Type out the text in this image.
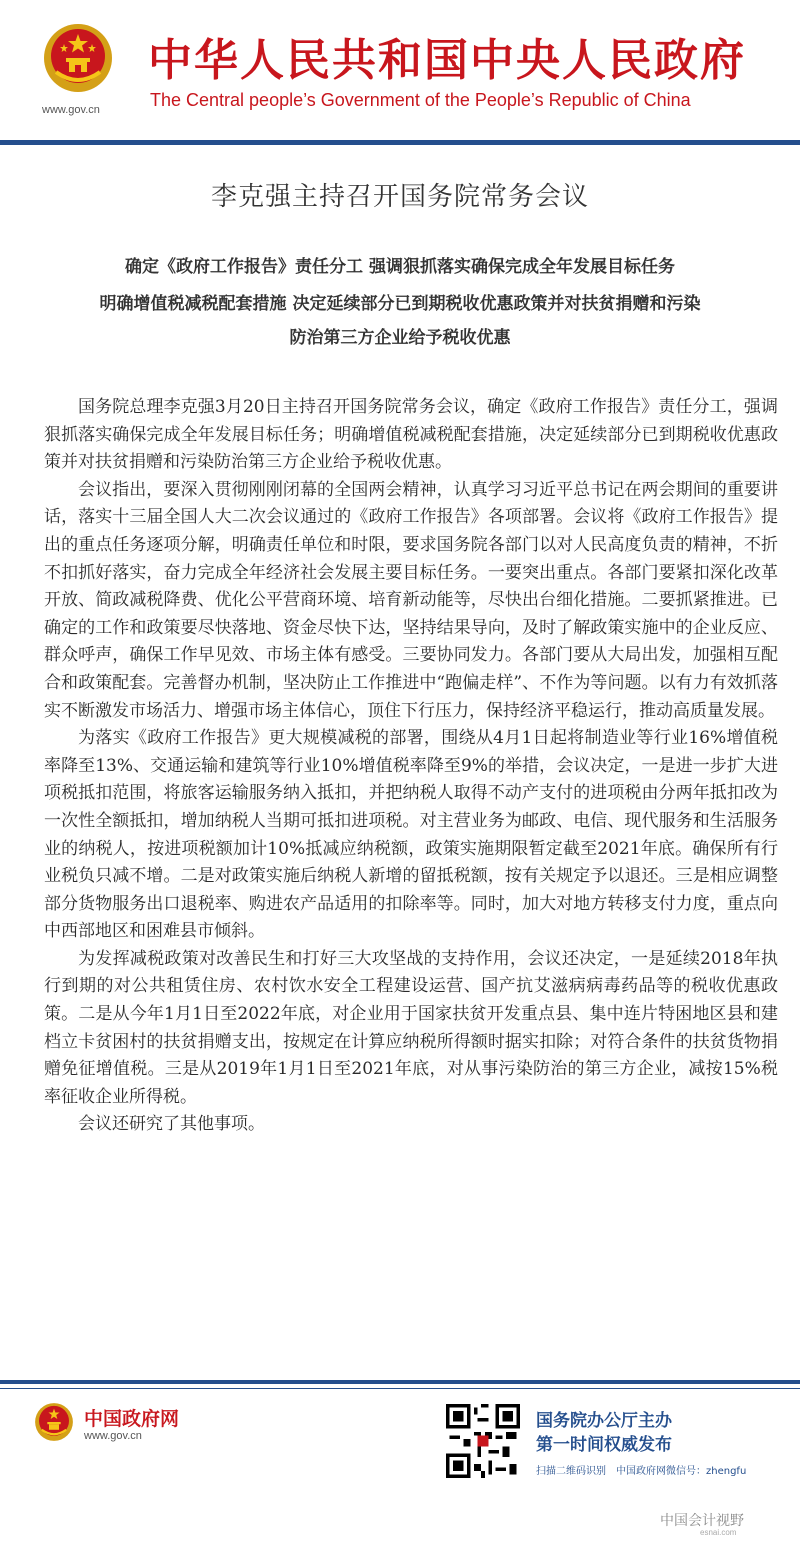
www.gov.cn
中华人民共和国中央人民政府
The Central people’s Government of the People’s Republic of China
李克强主持召开国务院常务会议
确定《政府工作报告》责任分工 强调狠抓落实确保完成全年发展目标任务
明确增值税减税配套措施 决定延续部分已到期税收优惠政策并对扶贫捐赠和污染
防治第三方企业给予税收优惠

国务院总理李克强3月20日主持召开国务院常务会议，确定《政府工作报告》责任分工，强调狠抓落实确保完成全年发展目标任务；明确增值税减税配套措施，决定延续部分已到期税收优惠政策并对扶贫捐赠和污染防治第三方企业给予税收优惠。

会议指出，要深入贯彻刚刚闭幕的全国两会精神，认真学习习近平总书记在两会期间的重要讲话，落实十三届全国人大二次会议通过的《政府工作报告》各项部署。会议将《政府工作报告》提出的重点任务逐项分解，明确责任单位和时限，要求国务院各部门以对人民高度负责的精神，不折不扣抓好落实，奋力完成全年经济社会发展主要目标任务。一要突出重点。各部门要紧扣深化改革开放、简政减税降费、优化公平营商环境、培育新动能等，尽快出台细化措施。二要抓紧推进。已确定的工作和政策要尽快落地、资金尽快下达，坚持结果导向，及时了解政策实施中的企业反应、群众呼声，确保工作早见效、市场主体有感受。三要协同发力。各部门要从大局出发，加强相互配合和政策配套。完善督办机制，坚决防止工作推进中“跑偏走样”、不作为等问题。以有力有效抓落实不断激发市场活力、增强市场主体信心，顶住下行压力，保持经济平稳运行，推动高质量发展。

为落实《政府工作报告》更大规模减税的部署，围绕从4月1日起将制造业等行业16%增值税率降至13%、交通运输和建筑等行业10%增值税率降至9%的举措，会议决定，一是进一步扩大进项税抵扣范围，将旅客运输服务纳入抵扣，并把纳税人取得不动产支付的进项税由分两年抵扣改为一次性全额抵扣，增加纳税人当期可抵扣进项税。对主营业务为邮政、电信、现代服务和生活服务业的纳税人，按进项税额加计10%抵减应纳税额，政策实施期限暂定截至2021年底。确保所有行业税负只减不增。二是对政策实施后纳税人新增的留抵税额，按有关规定予以退还。三是相应调整部分货物服务出口退税率、购进农产品适用的扣除率等。同时，加大对地方转移支付力度，重点向中西部地区和困难县市倾斜。

为发挥减税政策对改善民生和打好三大攻坚战的支持作用，会议还决定，一是延续2018年执行到期的对公共租赁住房、农村饮水安全工程建设运营、国产抗艾滋病病毒药品等的税收优惠政策。二是从今年1月1日至2022年底，对企业用于国家扶贫开发重点县、集中连片特困地区县和建档立卡贫困村的扶贫捐赠支出，按规定在计算应纳税所得额时据实扣除；对符合条件的扶贫货物捐赠免征增值税。三是从2019年1月1日至2021年底，对从事污染防治的第三方企业，减按15%税率征收企业所得税。

会议还研究了其他事项。

中国政府网
www.gov.cn
国务院办公厅主办
第一时间权威发布
扫描二维码识别　中国政府网微信号：zhengfu
中国会计视野
esnai.com
